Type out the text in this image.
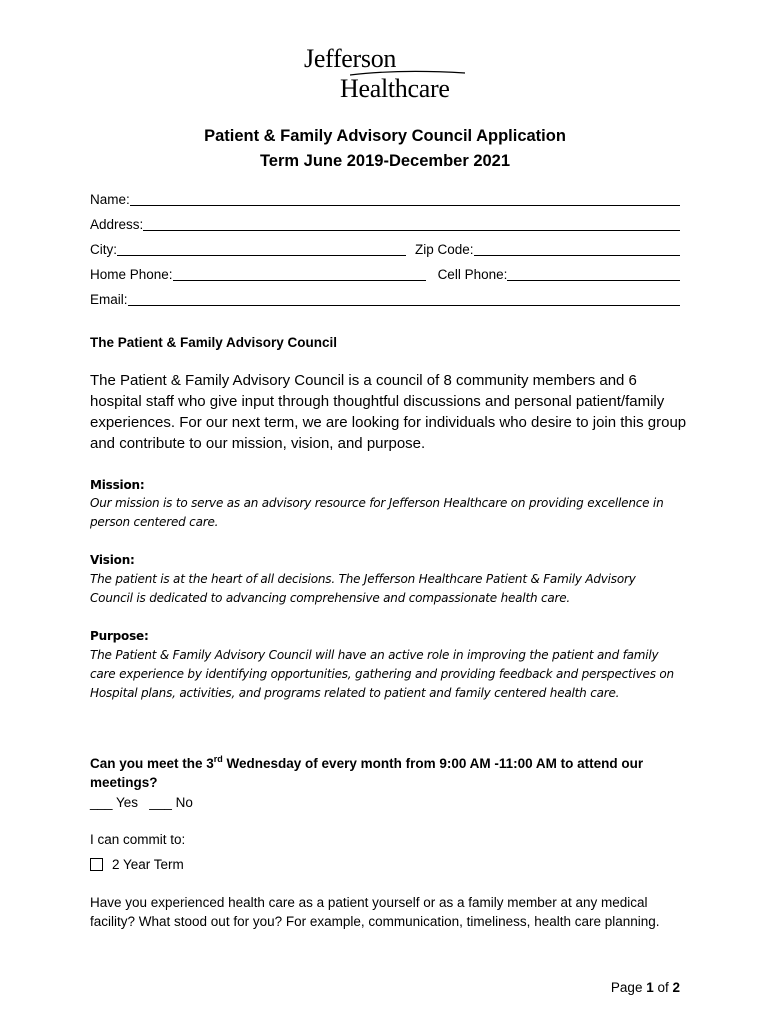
Jefferson
Healthcare
Patient & Family Advisory Council Application
Term June 2019-December 2021
Name:
Address:
City:	Zip Code:
Home Phone:	Cell Phone:
Email:
The Patient & Family Advisory Council
The Patient & Family Advisory Council is a council of 8 community members and 6 hospital staff who give input through thoughtful discussions and personal patient/family experiences. For our next term, we are looking for individuals who desire to join this group and contribute to our mission, vision, and purpose.
Mission:
Our mission is to serve as an advisory resource for Jefferson Healthcare on providing excellence in person centered care.
Vision:
The patient is at the heart of all decisions. The Jefferson Healthcare Patient & Family Advisory Council is dedicated to advancing comprehensive and compassionate health care.
Purpose:
The Patient & Family Advisory Council will have an active role in improving the patient and family care experience by identifying opportunities, gathering and providing feedback and perspectives on Hospital plans, activities, and programs related to patient and family centered health care.
Can you meet the 3rd Wednesday of every month from 9:00 AM -11:00 AM to attend our meetings?
___ Yes   ___ No
I can commit to:
2 Year Term
Have you experienced health care as a patient yourself or as a family member at any medical facility? What stood out for you? For example, communication, timeliness, health care planning.
Page 1 of 2
